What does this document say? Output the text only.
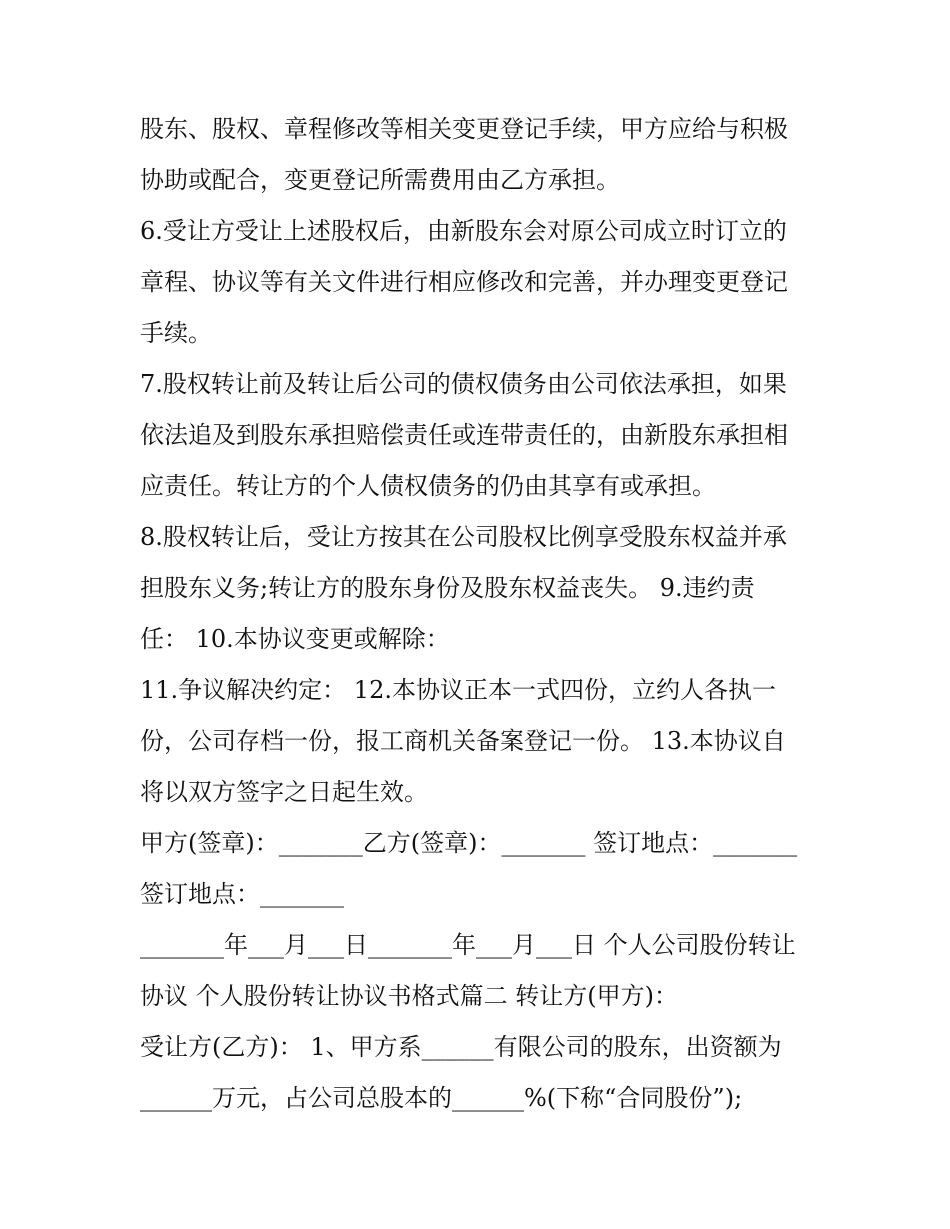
股东、股权、章程修改等相关变更登记手续，甲方应给与积极
协助或配合，变更登记所需费用由乙方承担。
6.受让方受让上述股权后，由新股东会对原公司成立时订立的
章程、协议等有关文件进行相应修改和完善，并办理变更登记
手续。
7.股权转让前及转让后公司的债权债务由公司依法承担，如果
依法追及到股东承担赔偿责任或连带责任的，由新股东承担相
应责任。转让方的个人债权债务的仍由其享有或承担。
8.股权转让后，受让方按其在公司股权比例享受股东权益并承
担股东义务;转让方的股东身份及股东权益丧失。 9.违约责
任： 10.本协议变更或解除：
11.争议解决约定： 12.本协议正本一式四份，立约人各执一
份，公司存档一份，报工商机关备案登记一份。 13.本协议自
将以双方签字之日起生效。
甲方(签章)：_______乙方(签章)：_______ 签订地点：_______
签订地点：_______
_______年___月___日_______年___月___日 个人公司股份转让
协议 个人股份转让协议书格式篇二 转让方(甲方)：
受让方(乙方)： 1、甲方系______有限公司的股东，出资额为
______万元，占公司总股本的______%(下称“合同股份”);
